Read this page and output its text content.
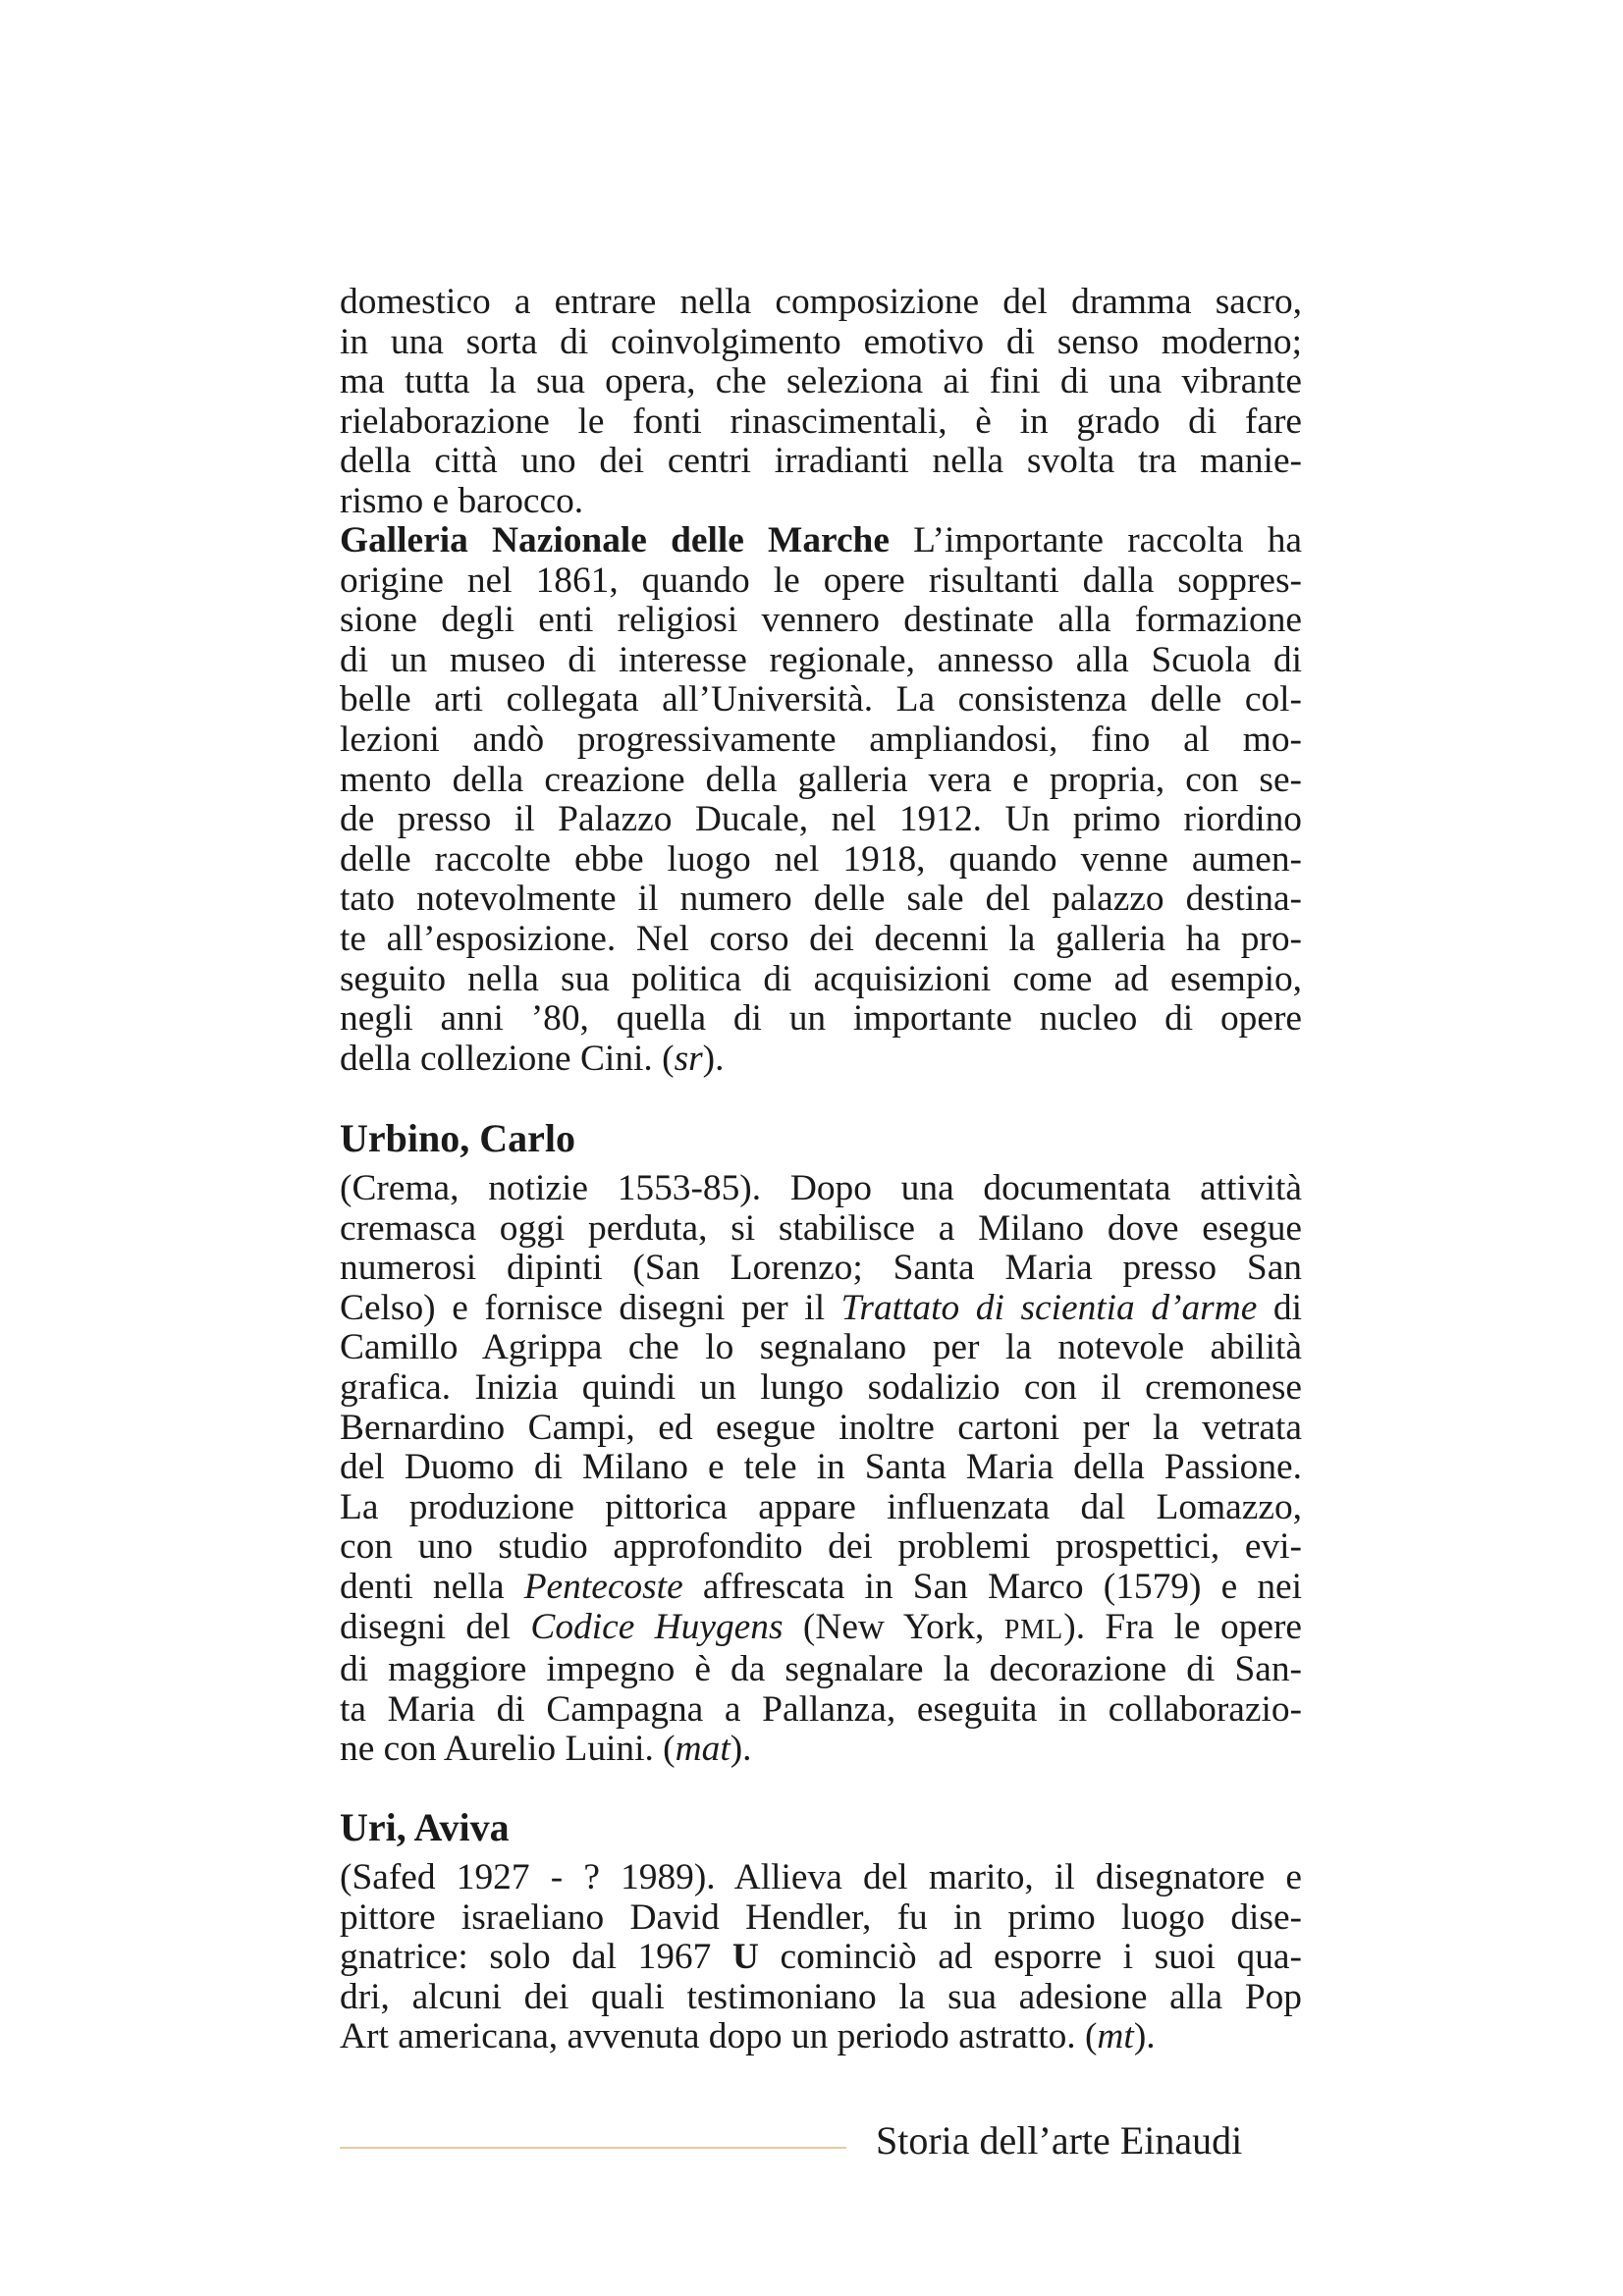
domestico a entrare nella composizione del dramma sacro,
in una sorta di coinvolgimento emotivo di senso moderno;
ma tutta la sua opera, che seleziona ai fini di una vibrante
rielaborazione le fonti rinascimentali, è in grado di fare
della città uno dei centri irradianti nella svolta tra manie-
rismo e barocco.
Galleria Nazionale delle Marche L’importante raccolta ha
origine nel 1861, quando le opere risultanti dalla soppres-
sione degli enti religiosi vennero destinate alla formazione
di un museo di interesse regionale, annesso alla Scuola di
belle arti collegata all’Università. La consistenza delle col-
lezioni andò progressivamente ampliandosi, fino al mo-
mento della creazione della galleria vera e propria, con se-
de presso il Palazzo Ducale, nel 1912. Un primo riordino
delle raccolte ebbe luogo nel 1918, quando venne aumen-
tato notevolmente il numero delle sale del palazzo destina-
te all’esposizione. Nel corso dei decenni la galleria ha pro-
seguito nella sua politica di acquisizioni come ad esempio,
negli anni ’80, quella di un importante nucleo di opere
della collezione Cini. (sr).
Urbino, Carlo
(Crema, notizie 1553-85). Dopo una documentata attività
cremasca oggi perduta, si stabilisce a Milano dove esegue
numerosi dipinti (San Lorenzo; Santa Maria presso San
Celso) e fornisce disegni per il Trattato di scientia d’arme di
Camillo Agrippa che lo segnalano per la notevole abilità
grafica. Inizia quindi un lungo sodalizio con il cremonese
Bernardino Campi, ed esegue inoltre cartoni per la vetrata
del Duomo di Milano e tele in Santa Maria della Passione.
La produzione pittorica appare influenzata dal Lomazzo,
con uno studio approfondito dei problemi prospettici, evi-
denti nella Pentecoste affrescata in San Marco (1579) e nei
disegni del Codice Huygens (New York, PML). Fra le opere
di maggiore impegno è da segnalare la decorazione di San-
ta Maria di Campagna a Pallanza, eseguita in collaborazio-
ne con Aurelio Luini. (mat).
Uri, Aviva
(Safed 1927 - ? 1989). Allieva del marito, il disegnatore e
pittore israeliano David Hendler, fu in primo luogo dise-
gnatrice: solo dal 1967 U cominciò ad esporre i suoi qua-
dri, alcuni dei quali testimoniano la sua adesione alla Pop
Art americana, avvenuta dopo un periodo astratto. (mt).
Storia dell’arte Einaudi
